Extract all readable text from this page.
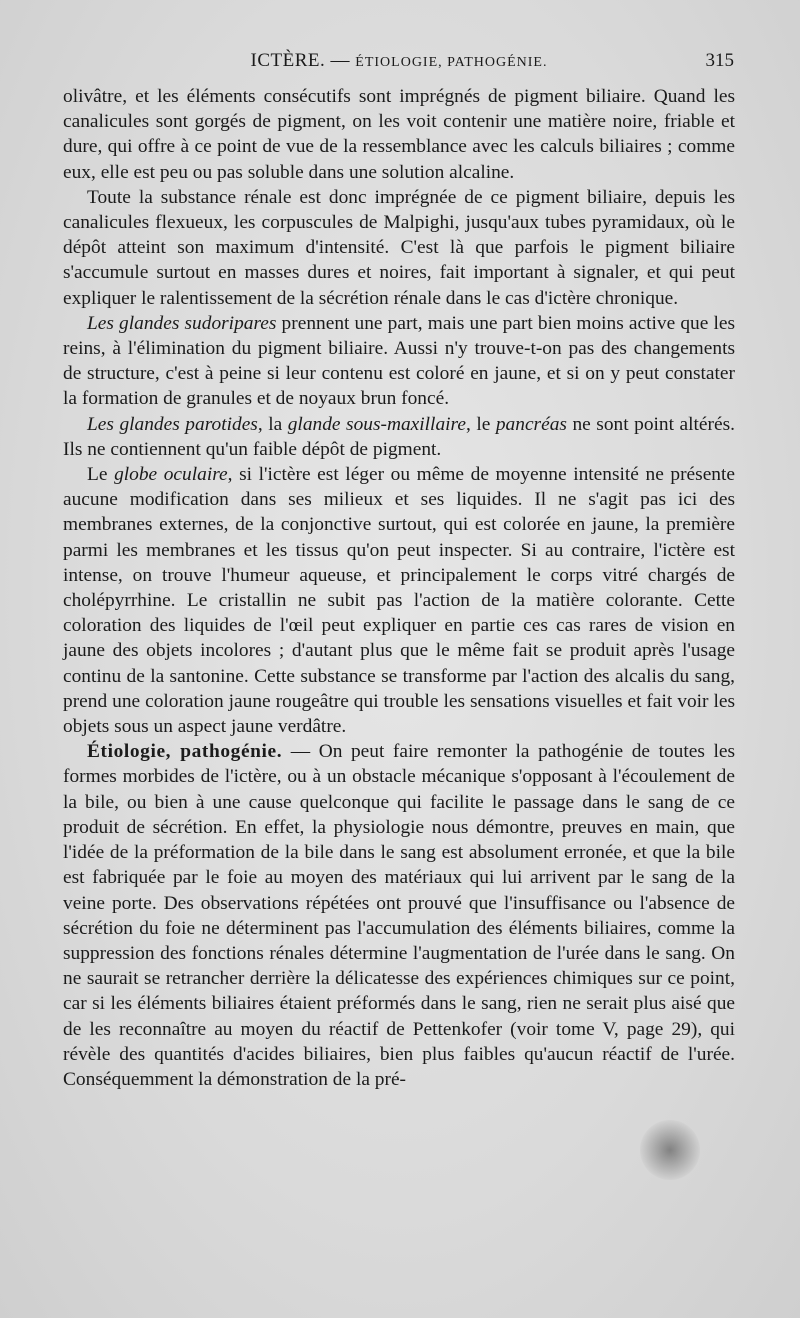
ICTÈRE. — ÉTIOLOGIE, PATHOGÉNIE.	315

olivâtre, et les éléments consécutifs sont imprégnés de pigment biliaire. Quand les canalicules sont gorgés de pigment, on les voit contenir une matière noire, friable et dure, qui offre à ce point de vue de la ressemblance avec les calculs biliaires ; comme eux, elle est peu ou pas soluble dans une solution alcaline.

Toute la substance rénale est donc imprégnée de ce pigment biliaire, depuis les canalicules flexueux, les corpuscules de Malpighi, jusqu'aux tubes pyramidaux, où le dépôt atteint son maximum d'intensité. C'est là que parfois le pigment biliaire s'accumule surtout en masses dures et noires, fait important à signaler, et qui peut expliquer le ralentissement de la sécrétion rénale dans le cas d'ictère chronique.

Les glandes sudoripares prennent une part, mais une part bien moins active que les reins, à l'élimination du pigment biliaire. Aussi n'y trouve-t-on pas des changements de structure, c'est à peine si leur contenu est coloré en jaune, et si on y peut constater la formation de granules et de noyaux brun foncé.

Les glandes parotides, la glande sous-maxillaire, le pancréas ne sont point altérés. Ils ne contiennent qu'un faible dépôt de pigment.

Le globe oculaire, si l'ictère est léger ou même de moyenne intensité ne présente aucune modification dans ses milieux et ses liquides. Il ne s'agit pas ici des membranes externes, de la conjonctive surtout, qui est colorée en jaune, la première parmi les membranes et les tissus qu'on peut inspecter. Si au contraire, l'ictère est intense, on trouve l'humeur aqueuse, et principalement le corps vitré chargés de cholépyrrhine. Le cristallin ne subit pas l'action de la matière colorante. Cette coloration des liquides de l'œil peut expliquer en partie ces cas rares de vision en jaune des objets incolores ; d'autant plus que le même fait se produit après l'usage continu de la santonine. Cette substance se transforme par l'action des alcalis du sang, prend une coloration jaune rougeâtre qui trouble les sensations visuelles et fait voir les objets sous un aspect jaune verdâtre.

Étiologie, pathogénie. — On peut faire remonter la pathogénie de toutes les formes morbides de l'ictère, ou à un obstacle mécanique s'opposant à l'écoulement de la bile, ou bien à une cause quelconque qui facilite le passage dans le sang de ce produit de sécrétion. En effet, la physiologie nous démontre, preuves en main, que l'idée de la préformation de la bile dans le sang est absolument erronée, et que la bile est fabriquée par le foie au moyen des matériaux qui lui arrivent par le sang de la veine porte. Des observations répétées ont prouvé que l'insuffisance ou l'absence de sécrétion du foie ne déterminent pas l'accumulation des éléments biliaires, comme la suppression des fonctions rénales détermine l'augmentation de l'urée dans le sang. On ne saurait se retrancher derrière la délicatesse des expériences chimiques sur ce point, car si les éléments biliaires étaient préformés dans le sang, rien ne serait plus aisé que de les reconnaître au moyen du réactif de Pettenkofer (voir tome V, page 29), qui révèle des quantités d'acides biliaires, bien plus faibles qu'aucun réactif de l'urée. Conséquemment la démonstration de la pré-
